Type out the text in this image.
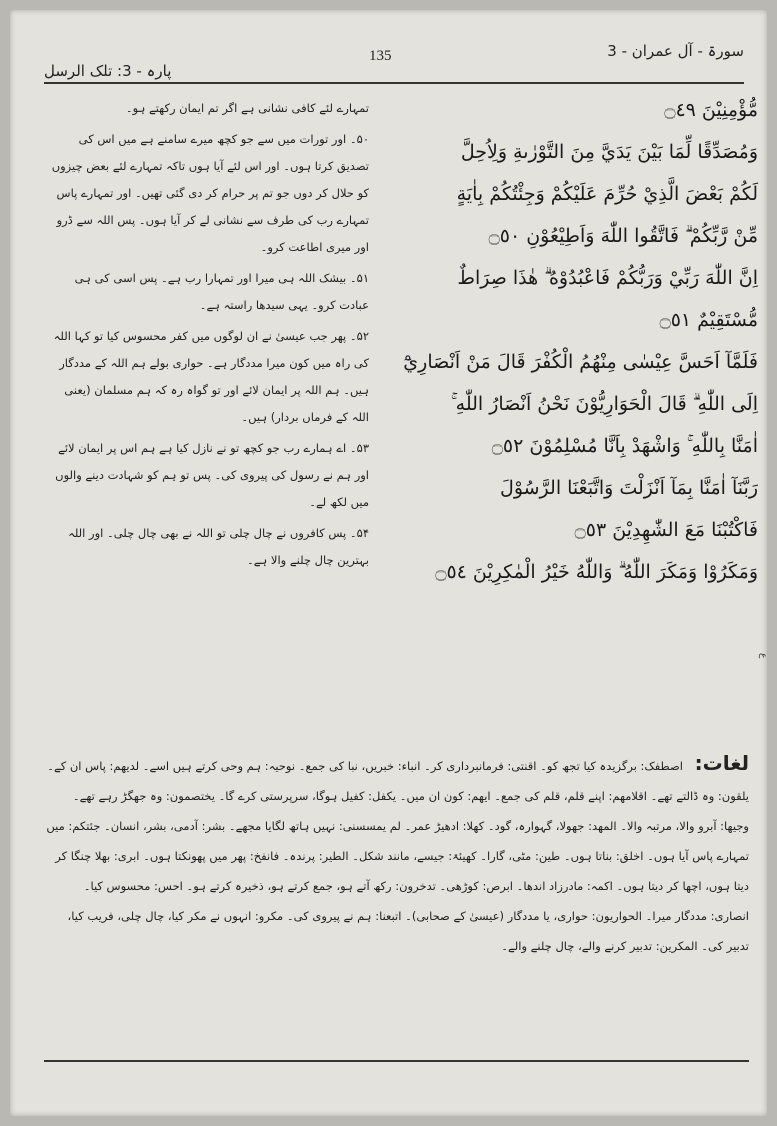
سورۃ - آل عمران - 3
135
پارہ - 3: تلک الرسل

مُّؤْمِنِيْنَ ۝٤٩

وَمُصَدِّقًا لِّمَا بَيْنَ يَدَيَّ مِنَ التَّوْرٰىةِ وَلِاُحِلَّ

لَكُمْ بَعْضَ الَّذِيْ حُرِّمَ عَلَيْكُمْ وَجِئْتُكُمْ بِاٰيَةٍ

مِّنْ رَّبِّكُمْ ۗ فَاتَّقُوا اللّٰهَ وَاَطِيْعُوْنِ ۝٥٠

اِنَّ اللّٰهَ رَبِّيْ وَرَبُّكُمْ فَاعْبُدُوْهُ ۗ هٰذَا صِرَاطٌ

مُّسْتَقِيْمٌ ۝٥١

فَلَمَّآ اَحَسَّ عِيْسٰى مِنْهُمُ الْكُفْرَ قَالَ مَنْ اَنْصَارِيْٓ

اِلَى اللّٰهِ ۗ قَالَ الْحَوَارِيُّوْنَ نَحْنُ اَنْصَارُ اللّٰهِ ۚ

اٰمَنَّا بِاللّٰهِ ۚ وَاشْهَدْ بِاَنَّا مُسْلِمُوْنَ ۝٥٢

رَبَّنَآ اٰمَنَّا بِمَآ اَنْزَلْتَ وَاتَّبَعْنَا الرَّسُوْلَ

فَاكْتُبْنَا مَعَ الشّٰهِدِيْنَ ۝٥٣

وَمَكَرُوْا وَمَكَرَ اللّٰهُ ۗ وَاللّٰهُ خَيْرُ الْمٰكِرِيْنَ ۝٥٤

تمہارے لئے کافی نشانی ہے اگر تم ایمان رکھتے ہو۔

۵۰۔ اور تورات میں سے جو کچھ میرے سامنے ہے میں اس کی تصدیق کرتا ہوں۔ اور اس لئے آیا ہوں تاکہ تمہارے لئے بعض چیزوں کو حلال کر دوں جو تم پر حرام کر دی گئی تھیں۔ اور تمہارے پاس تمہارے رب کی طرف سے نشانی لے کر آیا ہوں۔ پس اللہ سے ڈرو اور میری اطاعت کرو۔

۵۱۔ بیشک اللہ ہی میرا اور تمہارا رب ہے۔ پس اسی کی ہی عبادت کرو۔ یہی سیدھا راستہ ہے۔

۵۲۔ پھر جب عیسیٰ نے ان لوگوں میں کفر محسوس کیا تو کہا اللہ کی راہ میں کون میرا مددگار ہے۔ حواری بولے ہم اللہ کے مددگار ہیں۔ ہم اللہ پر ایمان لائے اور تو گواہ رہ کہ ہم مسلمان (یعنی اللہ کے فرماں بردار) ہیں۔

۵۳۔ اے ہمارے رب جو کچھ تو نے نازل کیا ہے ہم اس پر ایمان لائے اور ہم نے رسول کی پیروی کی۔ پس تو ہم کو شہادت دینے والوں میں لکھ لے۔

۵۴۔ پس کافروں نے چال چلی تو اللہ نے بھی چال چلی۔ اور اللہ بہترین چال چلنے والا ہے۔

ع
لغات: اصطفک: برگزیدہ کیا تجھ کو۔ اقنتی: فرمانبرداری کر۔ انباء: خبریں، نبا کی جمع۔ نوحیہ: ہم وحی کرتے ہیں اسے۔ لدیھم: پاس ان کے۔ یلقون: وہ ڈالتے تھے۔ اقلامھم: اپنے قلم، قلم کی جمع۔ ایھم: کون ان میں۔ یکفل: کفیل ہوگا، سرپرستی کرے گا۔ یختصمون: وہ جھگڑ رہے تھے۔ وجیھا: آبرو والا، مرتبہ والا۔ المھد: جھولا، گہوارہ، گود۔ کھلا: ادھیڑ عمر۔ لم یمسسنی: نہیں ہاتھ لگایا مجھے۔ بشر: آدمی، بشر، انسان۔ جئتکم: میں تمہارے پاس آیا ہوں۔ اخلق: بناتا ہوں۔ طین: مٹی، گارا۔ کھیئۃ: جیسے، مانند شکل۔ الطیر: پرندہ۔ فانفخ: پھر میں پھونکتا ہوں۔ ابری: بھلا چنگا کر دیتا ہوں، اچھا کر دیتا ہوں۔ اکمہ: مادرزاد اندھا۔ ابرص: کوڑھی۔ تدخرون: رکھ آتے ہو، جمع کرتے ہو، ذخیرہ کرتے ہو۔ احس: محسوس کیا۔ انصاری: مددگار میرا۔ الحواریون: حواری، یا مددگار (عیسیٰ کے صحابی)۔ اتبعنا: ہم نے پیروی کی۔ مکرو: انہوں نے مکر کیا، چال چلی، فریب کیا، تدبیر کی۔ المکرین: تدبیر کرنے والے، چال چلنے والے۔
